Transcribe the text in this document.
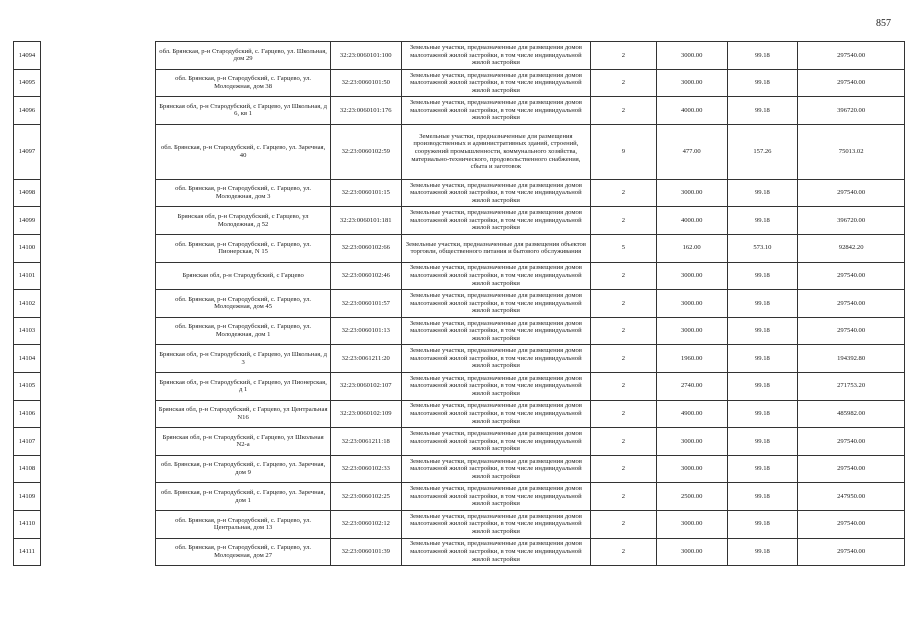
857
14094		обл. Брянская, р-н Стародубский, с. Гарцево, ул. Школьная, дом 29	32:23:0060101:100	Земельные участки, предназначенные для размещения домов малоэтажной жилой застройки, в том числе индивидуальной жилой застройки	2	3000.00	99.18	297540.00
14095		обл. Брянская, р-н Стародубский, с. Гарцево, ул. Молодежная, дом 38	32:23:0060101:50	Земельные участки, предназначенные для размещения домов малоэтажной жилой застройки, в том числе индивидуальной жилой застройки	2	3000.00	99.18	297540.00
14096		Брянская обл, р-н Стародубский, с Гарцево, ул Школьная, д 6, кв 1	32:23:0060101:176	Земельные участки, предназначенные для размещения домов малоэтажной жилой застройки, в том числе индивидуальной жилой застройки	2	4000.00	99.18	396720.00
14097		обл. Брянская, р-н Стародубский, с. Гарцево, ул. Заречная, 40	32:23:0060102:59	Земельные участки, предназначенные для размещения производственных и административных зданий, строений, сооружений промышленности, коммунального хозяйства, материально-технического, продовольственного снабжения, сбыта и заготовок	9	477.00	157.26	75013.02
14098		обл. Брянская, р-н Стародубский, с. Гарцево, ул. Молодежная, дом 3	32:23:0060101:15	Земельные участки, предназначенные для размещения домов малоэтажной жилой застройки, в том числе индивидуальной жилой застройки	2	3000.00	99.18	297540.00
14099		Брянская обл, р-н Стародубский, с Гарцево, ул Молодежная, д 52	32:23:0060101:181	Земельные участки, предназначенные для размещения домов малоэтажной жилой застройки, в том числе индивидуальной жилой застройки	2	4000.00	99.18	396720.00
14100		обл. Брянская, р-н Стародубский, с. Гарцево, ул. Пионерская, N 15	32:23:0060102:66	Земельные участки, предназначенные для размещения объектов торговли, общественного питания и бытового обслуживания	5	162.00	573.10	92842.20
14101		Брянская обл, р-н Стародубский, с Гарцево	32:23:0060102:46	Земельные участки, предназначенные для размещения домов малоэтажной жилой застройки, в том числе индивидуальной жилой застройки	2	3000.00	99.18	297540.00
14102		обл. Брянская, р-н Стародубский, с. Гарцево, ул. Молодежная, дом 45	32:23:0060101:57	Земельные участки, предназначенные для размещения домов малоэтажной жилой застройки, в том числе индивидуальной жилой застройки	2	3000.00	99.18	297540.00
14103		обл. Брянская, р-н Стародубский, с. Гарцево, ул. Молодежная, дом 1	32:23:0060101:13	Земельные участки, предназначенные для размещения домов малоэтажной жилой застройки, в том числе индивидуальной жилой застройки	2	3000.00	99.18	297540.00
14104		Брянская обл, р-н Стародубский, с Гарцево, ул Школьная, д 3	32:23:0061211:20	Земельные участки, предназначенные для размещения домов малоэтажной жилой застройки, в том числе индивидуальной жилой застройки	2	1960.00	99.18	194392.80
14105		Брянская обл, р-н Стародубский, с Гарцево, ул Пионерская, д 1	32:23:0060102:107	Земельные участки, предназначенные для размещения домов малоэтажной жилой застройки, в том числе индивидуальной жилой застройки	2	2740.00	99.18	271753.20
14106		Брянская обл, р-н Стародубский, с Гарцево, ул Центральная N16	32:23:0060102:109	Земельные участки, предназначенные для размещения домов малоэтажной жилой застройки, в том числе индивидуальной жилой застройки	2	4900.00	99.18	485982.00
14107		Брянская обл, р-н Стародубский, с Гарцево, ул Школьная N2-а	32:23:0061211:18	Земельные участки, предназначенные для размещения домов малоэтажной жилой застройки, в том числе индивидуальной жилой застройки	2	3000.00	99.18	297540.00
14108		обл. Брянская, р-н Стародубский, с. Гарцево, ул. Заречная, дом 9	32:23:0060102:33	Земельные участки, предназначенные для размещения домов малоэтажной жилой застройки, в том числе индивидуальной жилой застройки	2	3000.00	99.18	297540.00
14109		обл. Брянская, р-н Стародубский, с. Гарцево, ул. Заречная, дом 1	32:23:0060102:25	Земельные участки, предназначенные для размещения домов малоэтажной жилой застройки, в том числе индивидуальной жилой застройки	2	2500.00	99.18	247950.00
14110		обл. Брянская, р-н Стародубский, с. Гарцево, ул. Центральная, дом 13	32:23:0060102:12	Земельные участки, предназначенные для размещения домов малоэтажной жилой застройки, в том числе индивидуальной жилой застройки	2	3000.00	99.18	297540.00
14111		обл. Брянская, р-н Стародубский, с. Гарцево, ул. Молодежная, дом 27	32:23:0060101:39	Земельные участки, предназначенные для размещения домов малоэтажной жилой застройки, в том числе индивидуальной жилой застройки	2	3000.00	99.18	297540.00
